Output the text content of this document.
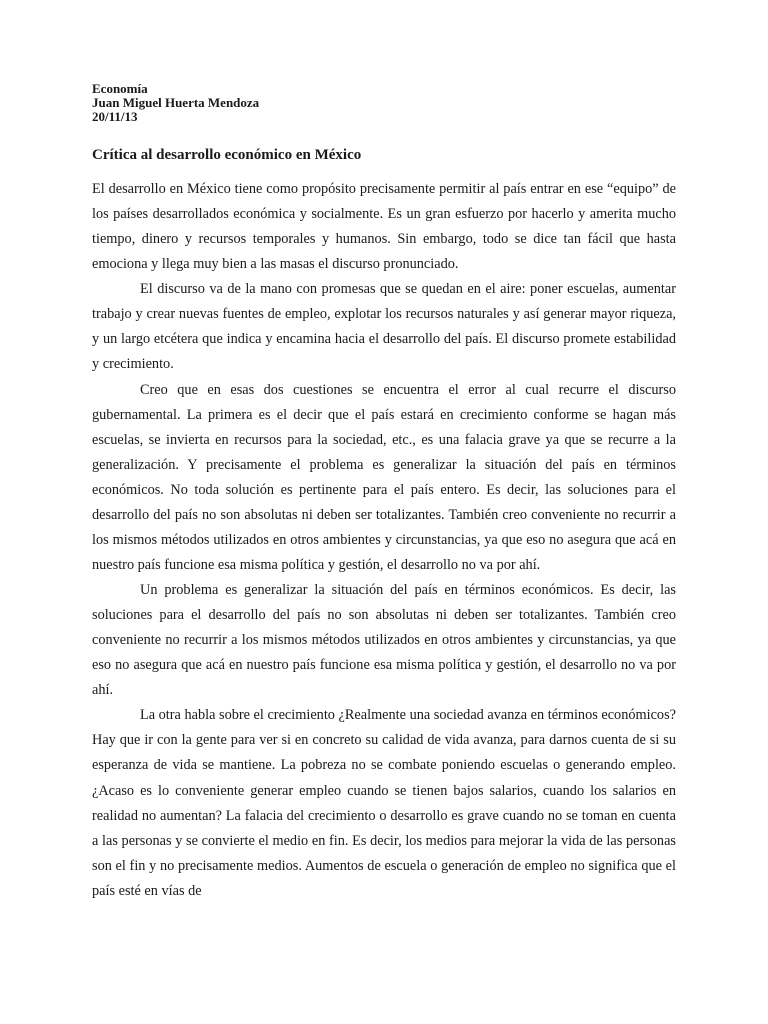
Economía
Juan Miguel Huerta Mendoza
20/11/13
Crítica al desarrollo económico en México

El desarrollo en México tiene como propósito precisamente permitir al país entrar en ese “equipo” de los países desarrollados económica y socialmente. Es un gran esfuerzo por hacerlo y amerita mucho tiempo, dinero y recursos temporales y humanos. Sin embargo, todo se dice tan fácil que hasta emociona y llega muy bien a las masas el discurso pronunciado.

El discurso va de la mano con promesas que se quedan en el aire: poner escuelas, aumentar trabajo y crear nuevas fuentes de empleo, explotar los recursos naturales y así generar mayor riqueza, y un largo etcétera que indica y encamina hacia el desarrollo del país. El discurso promete estabilidad y crecimiento.

Creo que en esas dos cuestiones se encuentra el error al cual recurre el discurso gubernamental. La primera es el decir que el país estará en crecimiento conforme se hagan más escuelas, se invierta en recursos para la sociedad, etc., es una falacia grave ya que se recurre a la generalización. Y precisamente el problema es generalizar la situación del país en términos económicos. No toda solución es pertinente para el país entero. Es decir, las soluciones para el desarrollo del país no son absolutas ni deben ser totalizantes. También creo conveniente no recurrir a los mismos métodos utilizados en otros ambientes y circunstancias, ya que eso no asegura que acá en nuestro país funcione esa misma política y gestión, el desarrollo no va por ahí.

Un problema es generalizar la situación del país en términos económicos. Es decir, las soluciones para el desarrollo del país no son absolutas ni deben ser totalizantes. También creo conveniente no recurrir a los mismos métodos utilizados en otros ambientes y circunstancias, ya que eso no asegura que acá en nuestro país funcione esa misma política y gestión, el desarrollo no va por ahí.

La otra habla sobre el crecimiento ¿Realmente una sociedad avanza en términos económicos? Hay que ir con la gente para ver si en concreto su calidad de vida avanza, para darnos cuenta de si su esperanza de vida se mantiene. La pobreza no se combate poniendo escuelas o generando empleo. ¿Acaso es lo conveniente generar empleo cuando se tienen bajos salarios, cuando los salarios en realidad no aumentan? La falacia del crecimiento o desarrollo es grave cuando no se toman en cuenta a las personas y se convierte el medio en fin. Es decir, los medios para mejorar la vida de las personas son el fin y no precisamente medios. Aumentos de escuela o generación de empleo no significa que el país esté en vías de
